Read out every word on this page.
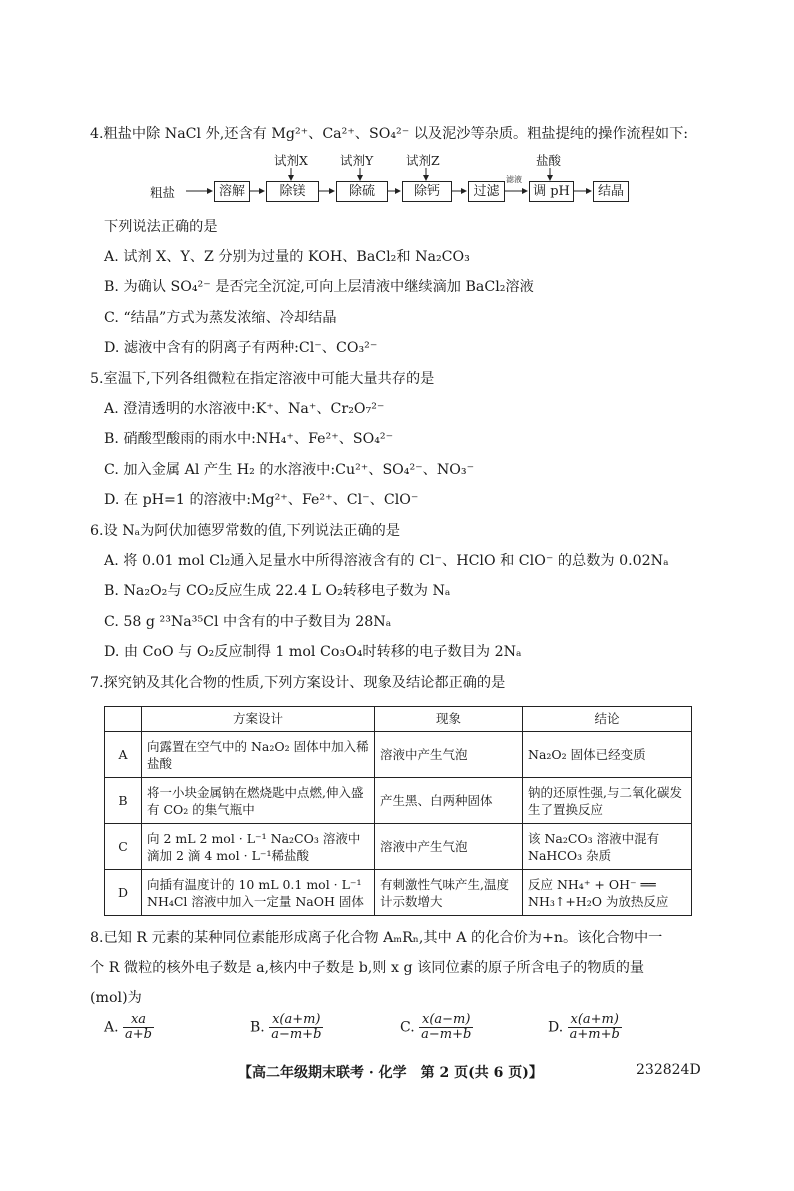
4.粗盐中除 NaCl 外,还含有 Mg²⁺、Ca²⁺、SO₄²⁻ 以及泥沙等杂质。粗盐提纯的操作流程如下:
粗盐	溶解	除镁	除硫	除钙	过滤	调 pH	结晶
试剂X	试剂Y	试剂Z	盐酸
滤液
下列说法正确的是
A. 试剂 X、Y、Z 分别为过量的 KOH、BaCl₂和 Na₂CO₃
B. 为确认 SO₄²⁻ 是否完全沉淀,可向上层清液中继续滴加 BaCl₂溶液
C. “结晶”方式为蒸发浓缩、冷却结晶
D. 滤液中含有的阴离子有两种:Cl⁻、CO₃²⁻
5.室温下,下列各组微粒在指定溶液中可能大量共存的是
A. 澄清透明的水溶液中:K⁺、Na⁺、Cr₂O₇²⁻
B. 硝酸型酸雨的雨水中:NH₄⁺、Fe²⁺、SO₄²⁻
C. 加入金属 Al 产生 H₂ 的水溶液中:Cu²⁺、SO₄²⁻、NO₃⁻
D. 在 pH=1 的溶液中:Mg²⁺、Fe²⁺、Cl⁻、ClO⁻
6.设 Nₐ为阿伏加德罗常数的值,下列说法正确的是
A. 将 0.01 mol Cl₂通入足量水中所得溶液含有的 Cl⁻、HClO 和 ClO⁻ 的总数为 0.02Nₐ
B. Na₂O₂与 CO₂反应生成 22.4 L O₂转移电子数为 Nₐ
C. 58 g ²³Na³⁵Cl 中含有的中子数目为 28Nₐ
D. 由 CoO 与 O₂反应制得 1 mol Co₃O₄时转移的电子数目为 2Nₐ
7.探究钠及其化合物的性质,下列方案设计、现象及结论都正确的是
	方案设计	现象	结论
A	向露置在空气中的 Na₂O₂ 固体中加入稀盐酸	溶液中产生气泡	Na₂O₂ 固体已经变质
B	将一小块金属钠在燃烧匙中点燃,伸入盛有 CO₂ 的集气瓶中	产生黑、白两种固体	钠的还原性强,与二氧化碳发生了置换反应
C	向 2 mL 2 mol · L⁻¹ Na₂CO₃ 溶液中滴加 2 滴 4 mol · L⁻¹稀盐酸	溶液中产生气泡	该 Na₂CO₃ 溶液中混有 NaHCO₃ 杂质
D	向插有温度计的 10 mL 0.1 mol · L⁻¹ NH₄Cl 溶液中加入一定量 NaOH 固体	有刺激性气味产生,温度计示数增大	反应 NH₄⁺ + OH⁻ ══ NH₃↑+H₂O 为放热反应
8.已知 R 元素的某种同位素能形成离子化合物 AₘRₙ,其中 A 的化合价为+n。该化合物中一
个 R 微粒的核外电子数是 a,核内中子数是 b,则 x g 该同位素的原子所含电子的物质的量
(mol)为
A. $\frac{xa}{a+b}$	B. $\frac{x(a+m)}{a-m+b}$	C. $\frac{x(a-m)}{a-m+b}$	D. $\frac{x(a+m)}{a+m+b}$
【高二年级期末联考 · 化学　第 2 页(共 6 页)】	232824D
